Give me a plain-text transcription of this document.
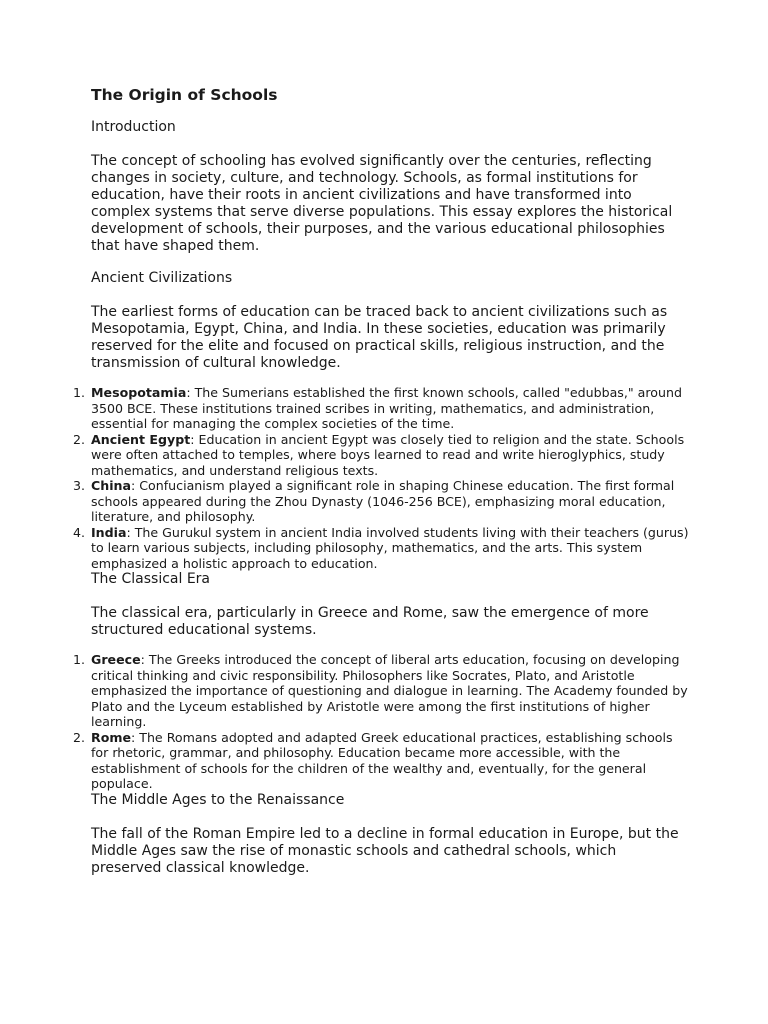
The Origin of Schools
Introduction
The concept of schooling has evolved significantly over the centuries, reflecting changes in society, culture, and technology. Schools, as formal institutions for education, have their roots in ancient civilizations and have transformed into complex systems that serve diverse populations. This essay explores the historical development of schools, their purposes, and the various educational philosophies that have shaped them.
Ancient Civilizations
The earliest forms of education can be traced back to ancient civilizations such as Mesopotamia, Egypt, China, and India. In these societies, education was primarily reserved for the elite and focused on practical skills, religious instruction, and the transmission of cultural knowledge.
1. Mesopotamia: The Sumerians established the first known schools, called "edubbas," around 3500 BCE. These institutions trained scribes in writing, mathematics, and administration, essential for managing the complex societies of the time.
2. Ancient Egypt: Education in ancient Egypt was closely tied to religion and the state. Schools were often attached to temples, where boys learned to read and write hieroglyphics, study mathematics, and understand religious texts.
3. China: Confucianism played a significant role in shaping Chinese education. The first formal schools appeared during the Zhou Dynasty (1046-256 BCE), emphasizing moral education, literature, and philosophy.
4. India: The Gurukul system in ancient India involved students living with their teachers (gurus) to learn various subjects, including philosophy, mathematics, and the arts. This system emphasized a holistic approach to education.
The Classical Era
The classical era, particularly in Greece and Rome, saw the emergence of more structured educational systems.
1. Greece: The Greeks introduced the concept of liberal arts education, focusing on developing critical thinking and civic responsibility. Philosophers like Socrates, Plato, and Aristotle emphasized the importance of questioning and dialogue in learning. The Academy founded by Plato and the Lyceum established by Aristotle were among the first institutions of higher learning.
2. Rome: The Romans adopted and adapted Greek educational practices, establishing schools for rhetoric, grammar, and philosophy. Education became more accessible, with the establishment of schools for the children of the wealthy and, eventually, for the general populace.
The Middle Ages to the Renaissance
The fall of the Roman Empire led to a decline in formal education in Europe, but the Middle Ages saw the rise of monastic schools and cathedral schools, which preserved classical knowledge.
